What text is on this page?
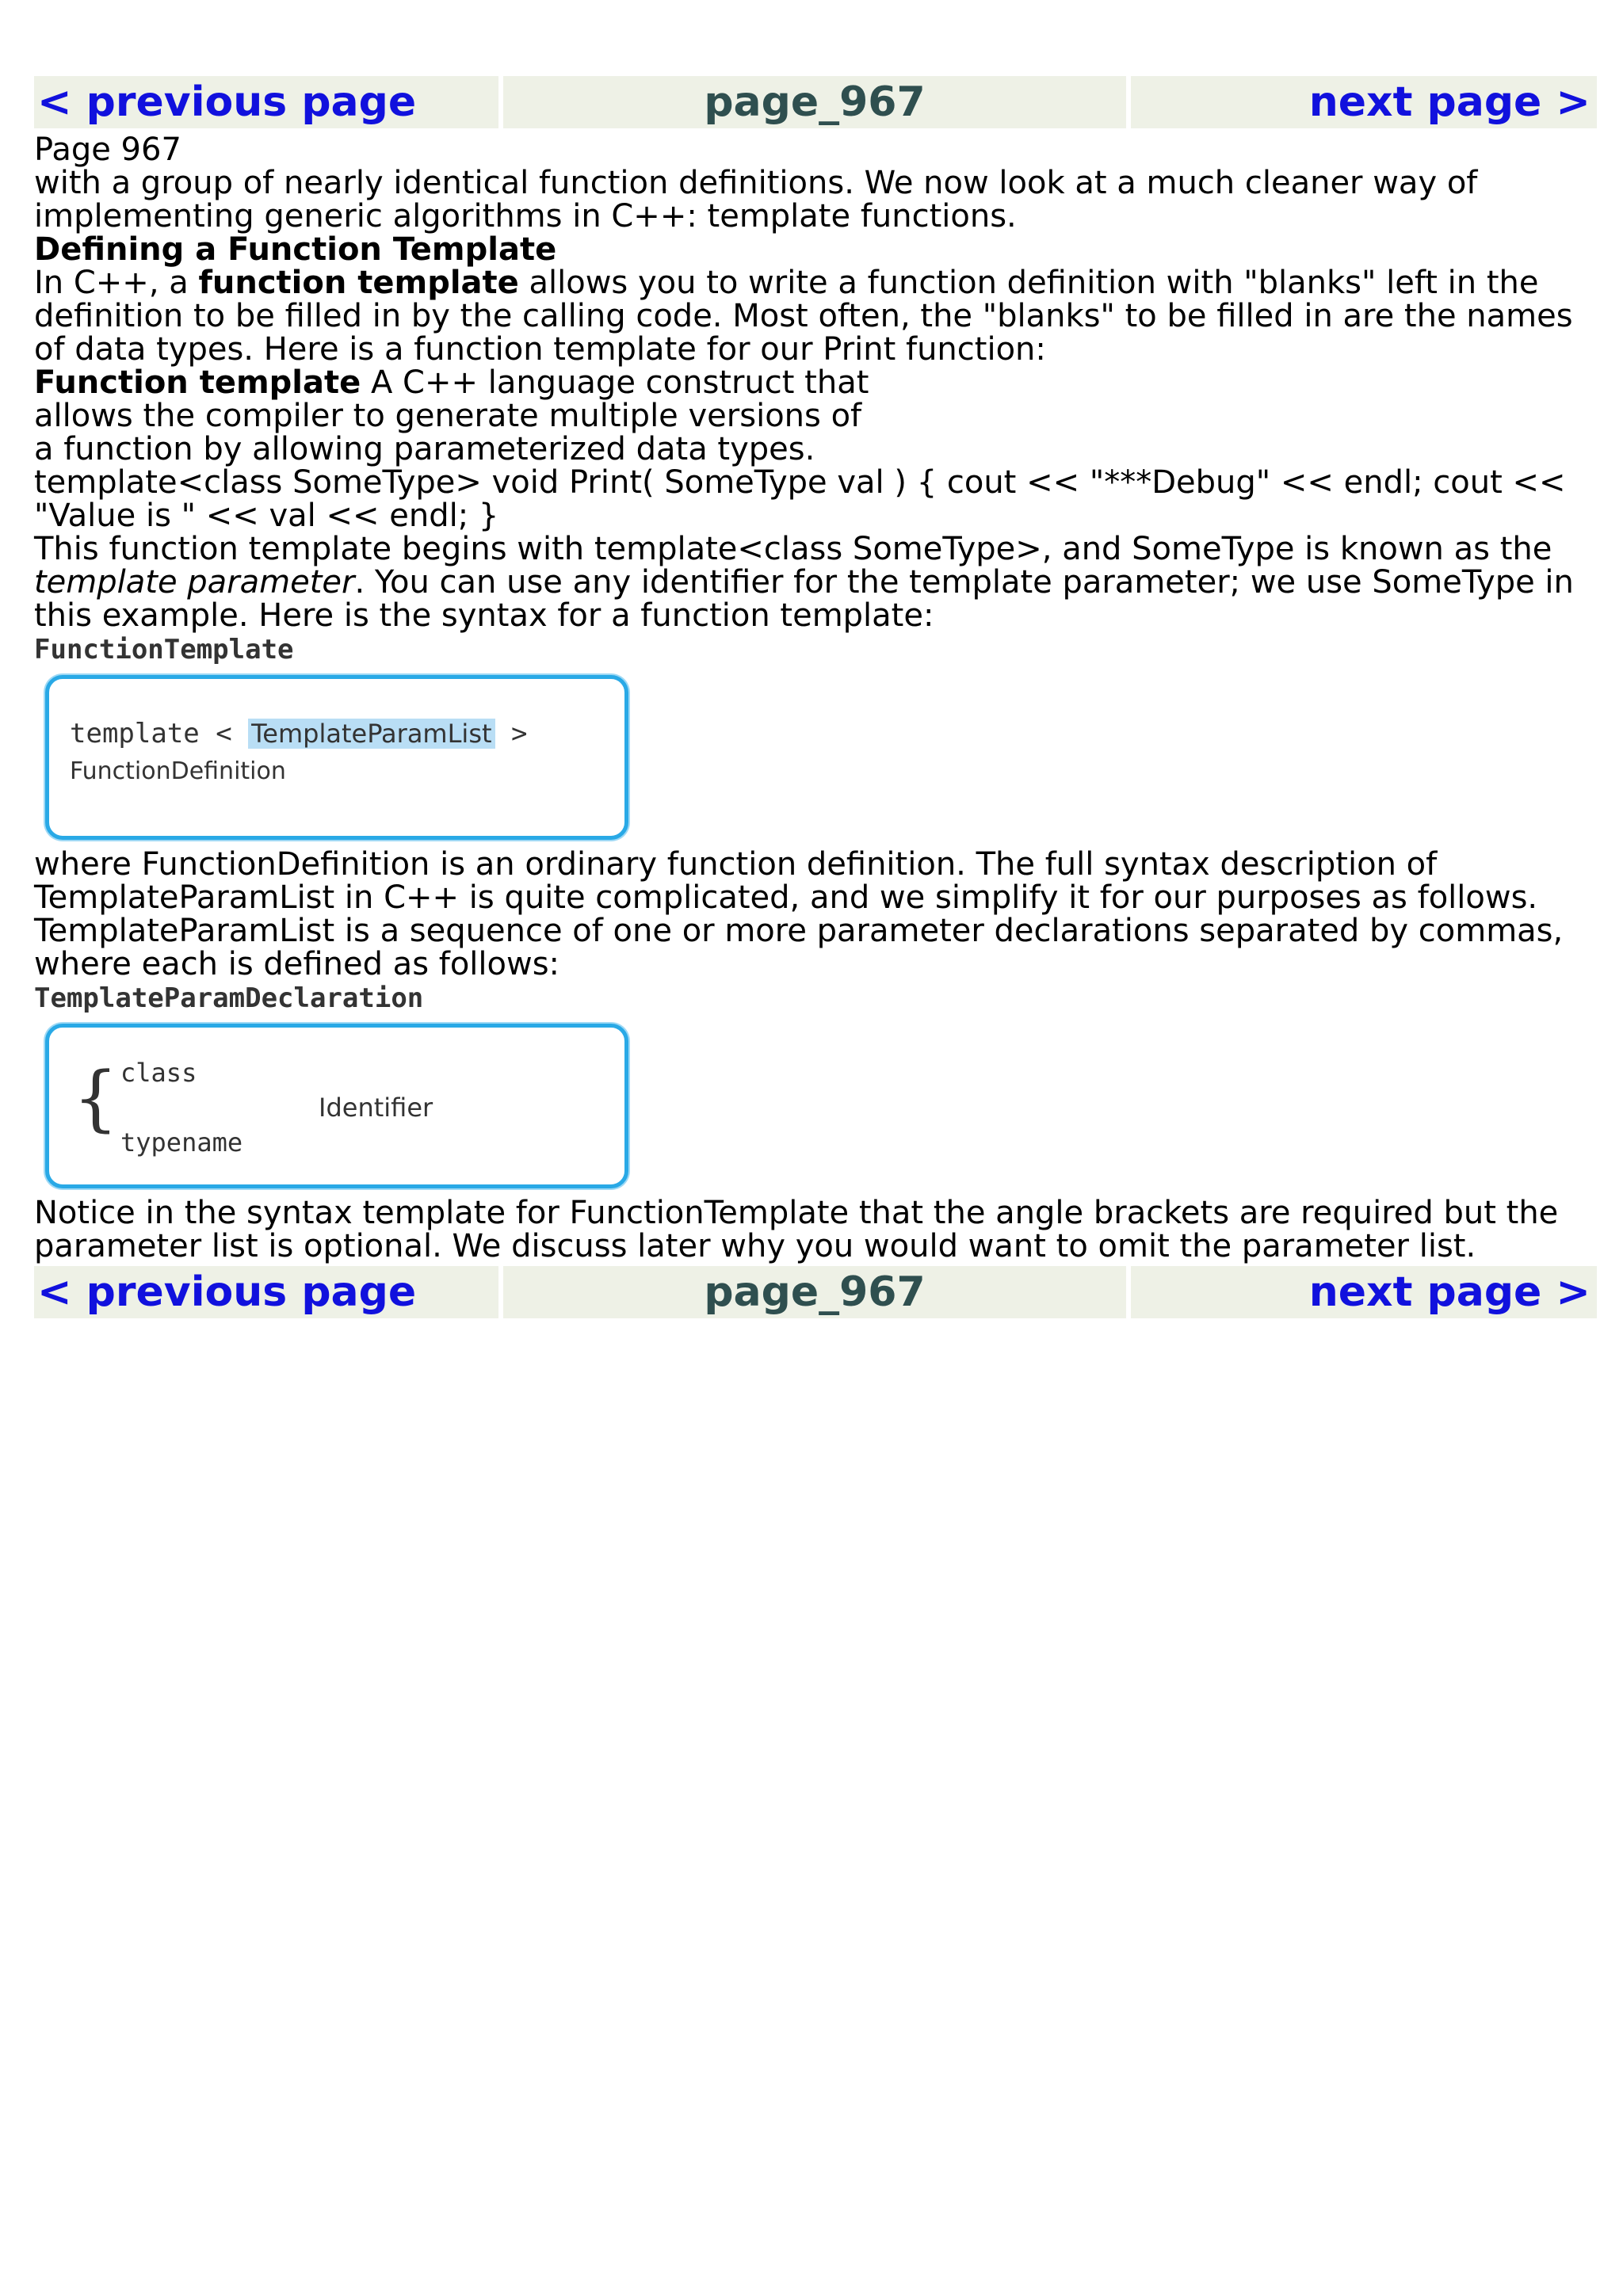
< previous page	page_967	next page >

Page 967

with a group of nearly identical function definitions. We now look at a much cleaner way of implementing generic algorithms in C++: template functions.

Defining a Function Template

In C++, a function template allows you to write a function definition with "blanks" left in the definition to be filled in by the calling code. Most often, the "blanks" to be filled in are the names of data types. Here is a function template for our Print function:

Function template A C++ language construct that

allows the compiler to generate multiple versions of

a function by allowing parameterized data types.

template<class SomeType> void Print( SomeType val ) { cout << "***Debug" << endl; cout << "Value is " << val << endl; }

This function template begins with template<class SomeType>, and SomeType is known as the template parameter. You can use any identifier for the template parameter; we use SomeType in this example. Here is the syntax for a function template:

FunctionTemplate
template < TemplateParamList >
FunctionDefinition

where FunctionDefinition is an ordinary function definition. The full syntax description of TemplateParamList in C++ is quite complicated, and we simplify it for our purposes as follows. TemplateParamList is a sequence of one or more parameter declarations separated by commas, where each is defined as follows:

TemplateParamDeclaration
{ class
typename
Identifier

Notice in the syntax template for FunctionTemplate that the angle brackets are required but the parameter list is optional. We discuss later why you would want to omit the parameter list.

< previous page	page_967	next page >
